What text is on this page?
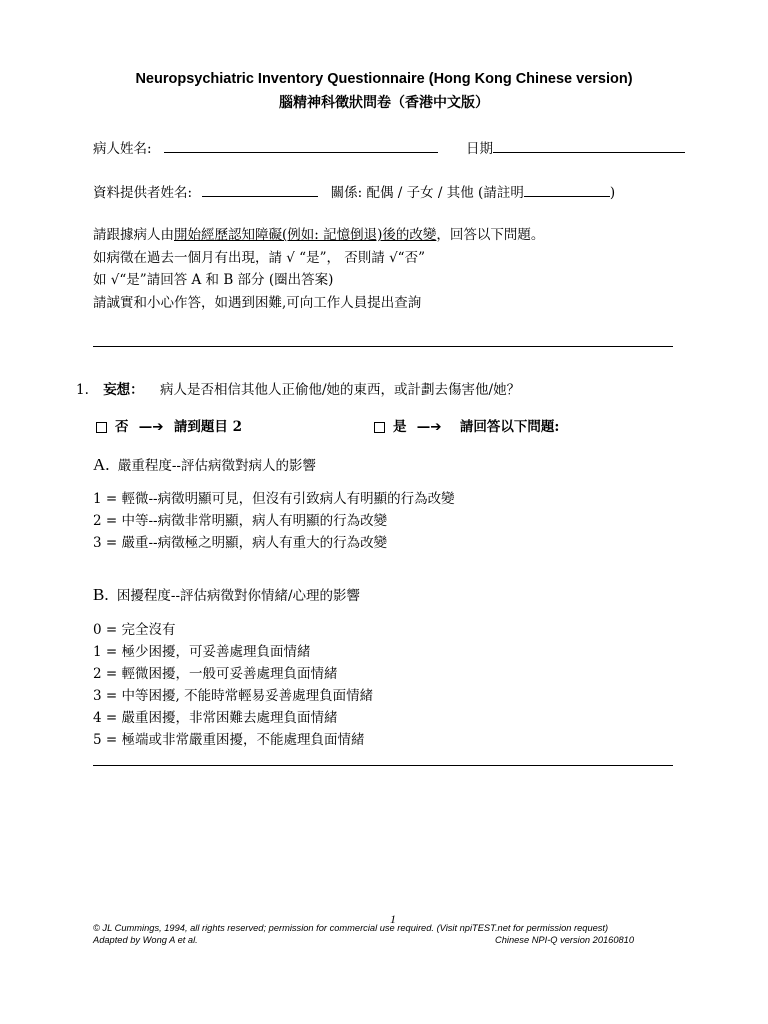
Neuropsychiatric Inventory Questionnaire (Hong Kong Chinese version)
腦精神科徵狀問卷（香港中文版）
病人姓名:	日期
資料提供者姓名:	關係: 配偶 / 子女 / 其他 (請註明	)
請跟據病人由開始經歷認知障礙(例如: 記憶倒退)後的改變，回答以下問題。
如病徵在過去一個月有出現，請 √ “是”， 否則請 √“否”
如 √“是”請回答 A 和 B 部分 (圈出答案)
請誠實和小心作答，如遇到困難,可向工作人員提出查詢
1. 妄想： 病人是否相信其他人正偷他/她的東西，或計劃去傷害他/她？
否 —➔ 請到題目 2	是 —➔ 請回答以下問題:
A. 嚴重程度--評估病徵對病人的影響
1 = 輕微--病徵明顯可見，但沒有引致病人有明顯的行為改變
2 = 中等--病徵非常明顯，病人有明顯的行為改變
3 = 嚴重--病徵極之明顯，病人有重大的行為改變
B. 困擾程度--評估病徵對你情緒/心理的影響
0 = 完全沒有
1 = 極少困擾，可妥善處理負面情緒
2 = 輕微困擾，一般可妥善處理負面情緒
3 = 中等困擾, 不能時常輕易妥善處理負面情緒
4 = 嚴重困擾，非常困難去處理負面情緒
5 = 極端或非常嚴重困擾，不能處理負面情緒
1
© JL Cummings, 1994, all rights reserved; permission for commercial use required. (Visit npiTEST.net for permission request)
Adapted by Wong A et al.	Chinese NPI-Q version 20160810
